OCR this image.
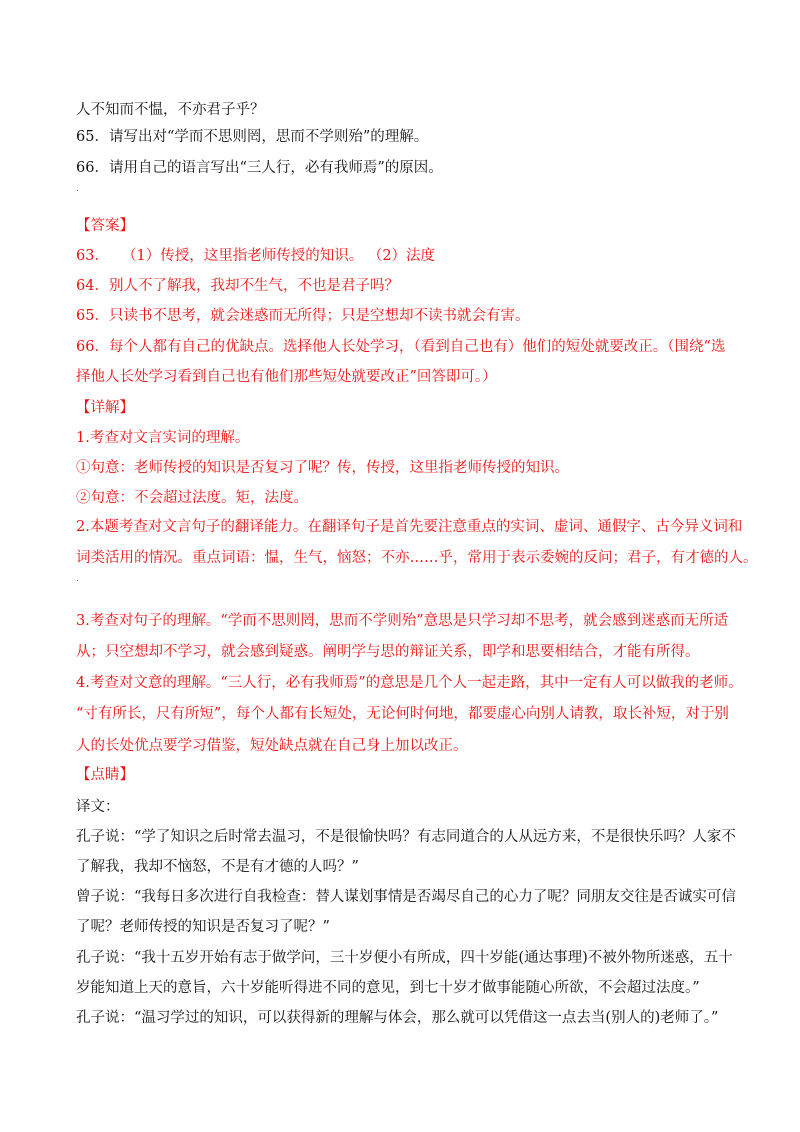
人不知而不愠，不亦君子乎？
65．请写出对“学而不思则罔，思而不学则殆”的理解。
66．请用自己的语言写出“三人行，必有我师焉”的原因。
.
【答案】
63． （1）传授，这里指老师传授的知识。 （2）法度
64．别人不了解我，我却不生气，不也是君子吗？
65．只读书不思考，就会迷惑而无所得；只是空想却不读书就会有害。
66．每个人都有自己的优缺点。选择他人长处学习，（看到自己也有）他们的短处就要改正。（围绕“选
择他人长处学习看到自己也有他们那些短处就要改正”回答即可。）
【详解】
1.考查对文言实词的理解。
①句意：老师传授的知识是否复习了呢？传，传授，这里指老师传授的知识。
②句意：不会超过法度。矩，法度。
2.本题考查对文言句子的翻译能力。在翻译句子是首先要注意重点的实词、虚词、通假字、古今异义词和
词类活用的情况。重点词语：愠，生气，恼怒；不亦……乎，常用于表示委婉的反问；君子，有才德的人。
.
3.考查对句子的理解。“学而不思则罔，思而不学则殆”意思是只学习却不思考，就会感到迷惑而无所适
从；只空想却不学习，就会感到疑惑。阐明学与思的辩证关系，即学和思要相结合，才能有所得。
4.考查对文意的理解。“三人行，必有我师焉”的意思是几个人一起走路，其中一定有人可以做我的老师。
“寸有所长，尺有所短”，每个人都有长短处，无论何时何地，都要虚心向别人请教，取长补短，对于别
人的长处优点要学习借鉴，短处缺点就在自己身上加以改正。
【点睛】
译文：
孔子说：“学了知识之后时常去温习，不是很愉快吗？有志同道合的人从远方来，不是很快乐吗？人家不
了解我，我却不恼怒，不是有才德的人吗？”
曾子说：“我每日多次进行自我检查：替人谋划事情是否竭尽自己的心力了呢？同朋友交往是否诚实可信
了呢？老师传授的知识是否复习了呢？”
孔子说：“我十五岁开始有志于做学问，三十岁便小有所成，四十岁能(通达事理)不被外物所迷惑，五十
岁能知道上天的意旨，六十岁能听得进不同的意见，到七十岁才做事能随心所欲，不会超过法度。”
孔子说：“温习学过的知识，可以获得新的理解与体会，那么就可以凭借这一点去当(别人的)老师了。”
